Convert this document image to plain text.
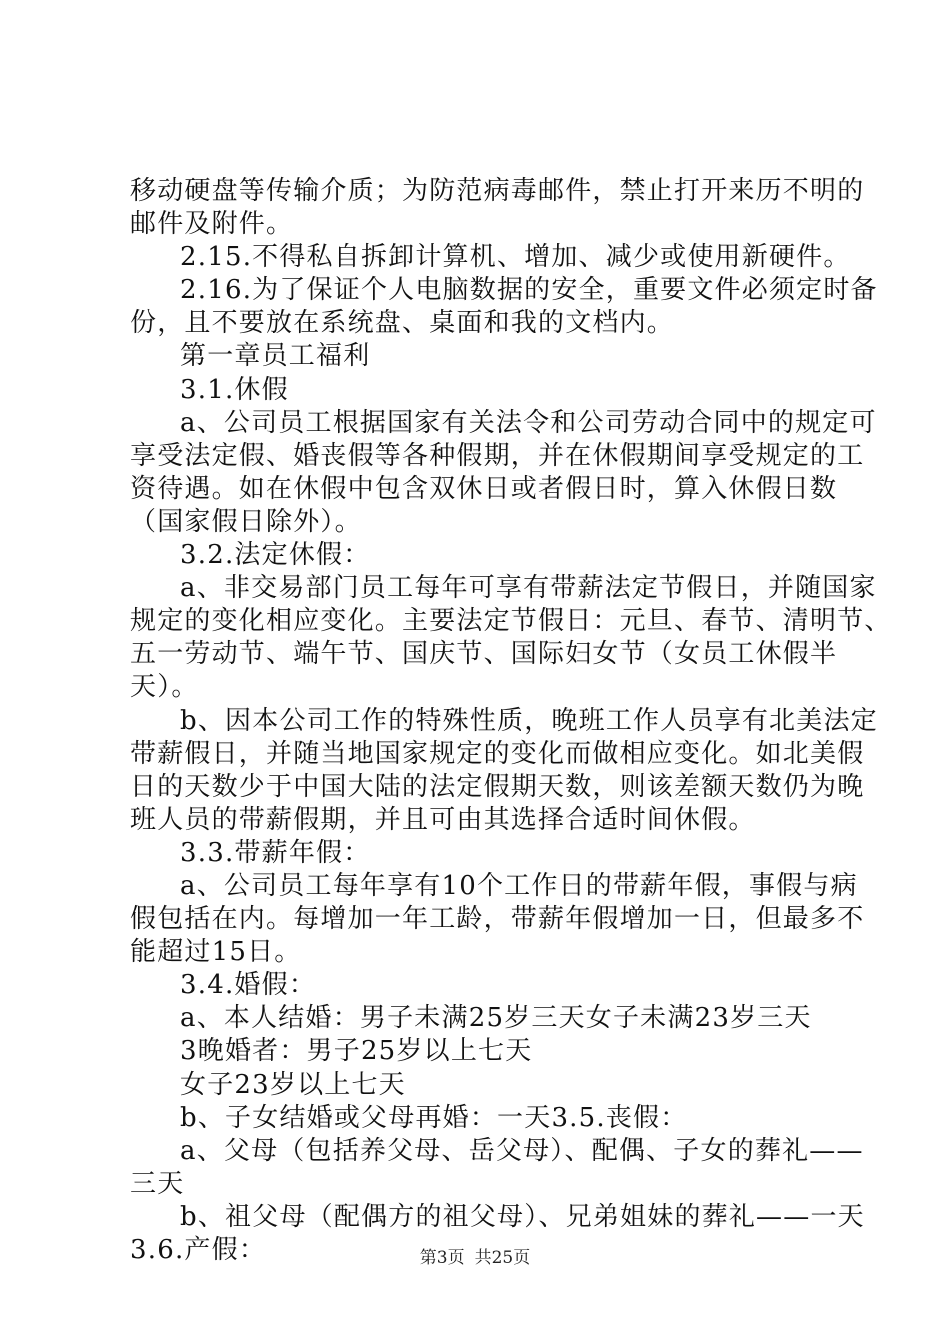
移动硬盘等传输介质；为防范病毒邮件，禁止打开来历不明的
邮件及附件。
2.15.不得私自拆卸计算机、增加、减少或使用新硬件。
2.16.为了保证个人电脑数据的安全，重要文件必须定时备
份，且不要放在系统盘、桌面和我的文档内。
第一章员工福利
3.1.休假
a、公司员工根据国家有关法令和公司劳动合同中的规定可
享受法定假、婚丧假等各种假期，并在休假期间享受规定的工
资待遇。如在休假中包含双休日或者假日时，算入休假日数
（国家假日除外）。
3.2.法定休假：
a、非交易部门员工每年可享有带薪法定节假日，并随国家
规定的变化相应变化。主要法定节假日：元旦、春节、清明节、
五一劳动节、端午节、国庆节、国际妇女节（女员工休假半
天）。
b、因本公司工作的特殊性质，晚班工作人员享有北美法定
带薪假日，并随当地国家规定的变化而做相应变化。如北美假
日的天数少于中国大陆的法定假期天数，则该差额天数仍为晚
班人员的带薪假期，并且可由其选择合适时间休假。
3.3.带薪年假：
a、公司员工每年享有10个工作日的带薪年假，事假与病
假包括在内。每增加一年工龄，带薪年假增加一日，但最多不
能超过15日。
3.4.婚假：
a、本人结婚：男子未满25岁三天女子未满23岁三天
3晚婚者：男子25岁以上七天
女子23岁以上七天
b、子女结婚或父母再婚：一天3.5.丧假：
a、父母（包括养父母、岳父母）、配偶、子女的葬礼——
三天
b、祖父母（配偶方的祖父母）、兄弟姐妹的葬礼——一天
3.6.产假：	第3页 共25页
